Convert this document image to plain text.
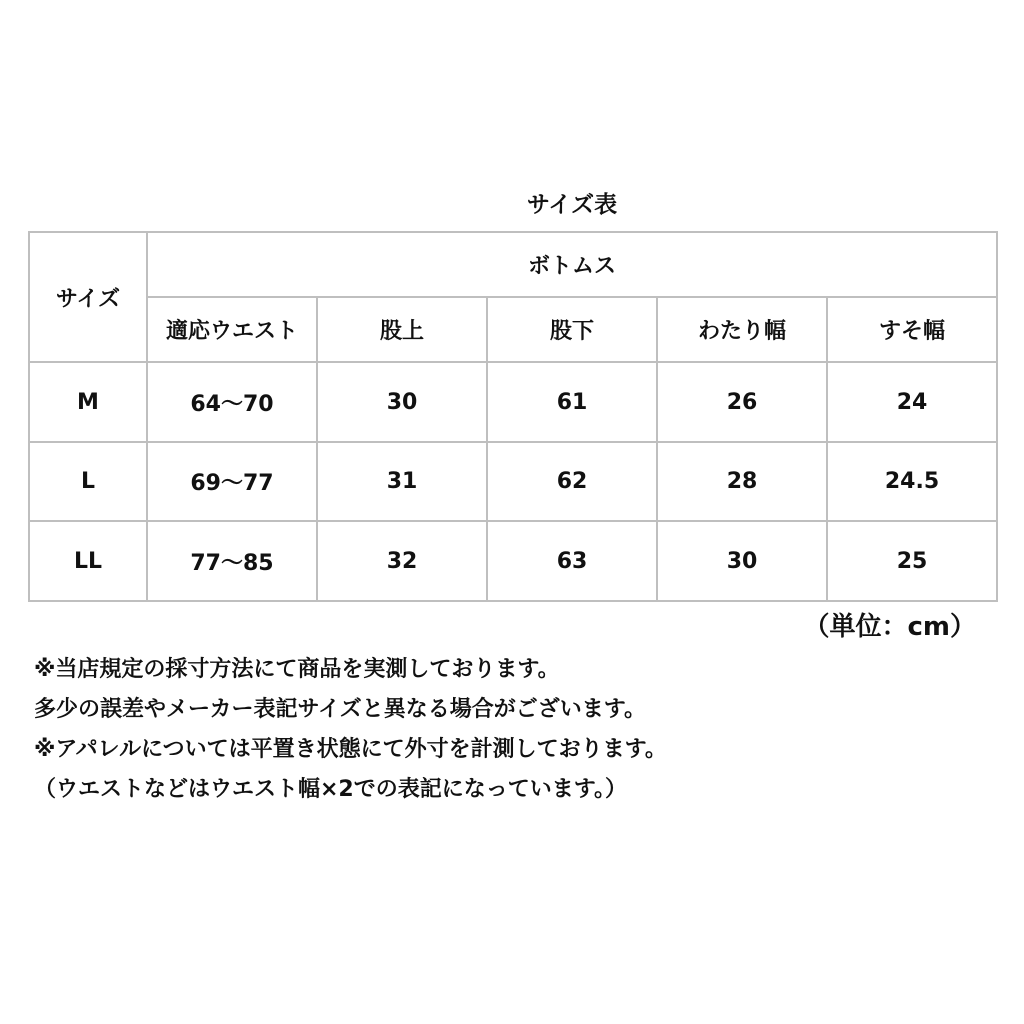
サイズ表
サイズ	ボトムス				
	適応ウエスト	股上	股下	わたり幅	すそ幅
M	64〜70	30	61	26	24
L	69〜77	31	62	28	24.5
LL	77〜85	32	63	30	25
（単位：cm）
※当店規定の採寸方法にて商品を実測しております。
多少の誤差やメーカー表記サイズと異なる場合がございます。
※アパレルについては平置き状態にて外寸を計測しております。
（ウエストなどはウエスト幅×2での表記になっています。）
